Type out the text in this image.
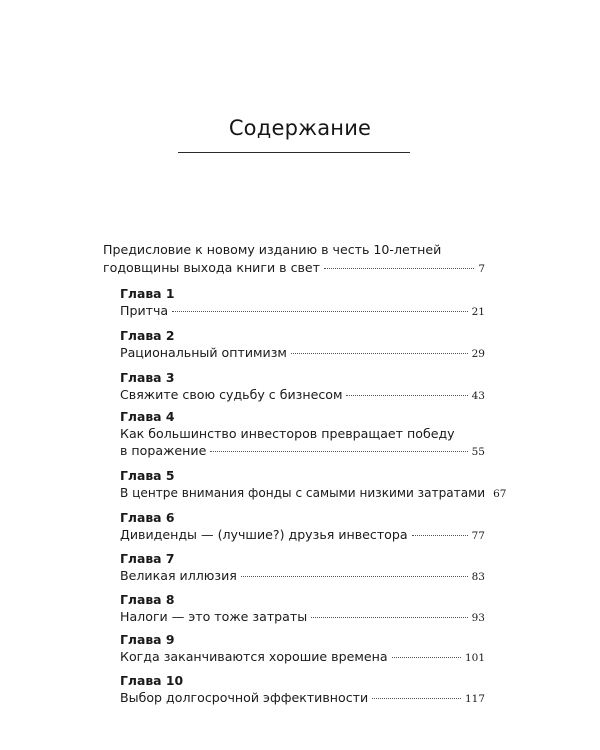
Содержание
Предисловие к новому изданию в честь 10-летней
годовщины выхода книги в свет	7
Глава 1
Притча	21
Глава 2
Рациональный оптимизм	29
Глава 3
Свяжите свою судьбу с бизнесом	43
Глава 4
Как большинство инвесторов превращает победу
в поражение	55
Глава 5
В центре внимания фонды с самыми низкими затратами 67
Глава 6
Дивиденды — (лучшие?) друзья инвестора	77
Глава 7
Великая иллюзия	83
Глава 8
Налоги — это тоже затраты	93
Глава 9
Когда заканчиваются хорошие времена	101
Глава 10
Выбор долгосрочной эффективности	117
